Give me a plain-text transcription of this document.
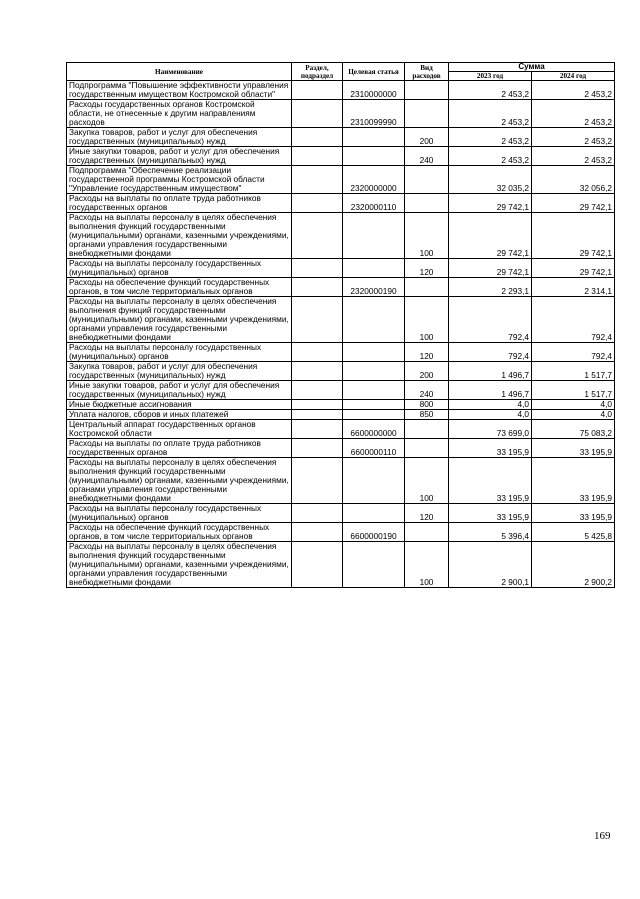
Наименование	Раздел, подраздел	Целевая статья	Вид расходов	Сумма	
				2023 год	2024 год
Подпрограмма "Повышение эффективности управления государственным имуществом Костромской области"		2310000000		2 453,2	2 453,2
Расходы государственных органов Костромской области, не отнесенные к другим направлениям расходов		2310099990		2 453,2	2 453,2
Закупка товаров, работ и услуг для обеспечения государственных (муниципальных) нужд			200	2 453,2	2 453,2
Иные закупки товаров, работ и услуг для обеспечения государственных (муниципальных) нужд			240	2 453,2	2 453,2
Подпрограмма "Обеспечение реализации государственной программы Костромской области "Управление государственным имуществом"		2320000000		32 035,2	32 056,2
Расходы на выплаты по оплате труда работников государственных органов		2320000110		29 742,1	29 742,1
Расходы на выплаты персоналу в целях обеспечения выполнения функций государственными (муниципальными) органами, казенными учреждениями, органами управления государственными внебюджетными фондами			100	29 742,1	29 742,1
Расходы на выплаты персоналу государственных (муниципальных) органов			120	29 742,1	29 742,1
Расходы на обеспечение функций государственных органов, в том числе территориальных органов		2320000190		2 293,1	2 314,1
Расходы на выплаты персоналу в целях обеспечения выполнения функций государственными (муниципальными) органами, казенными учреждениями, органами управления государственными внебюджетными фондами			100	792,4	792,4
Расходы на выплаты персоналу государственных (муниципальных) органов			120	792,4	792,4
Закупка товаров, работ и услуг для обеспечения государственных (муниципальных) нужд			200	1 496,7	1 517,7
Иные закупки товаров, работ и услуг для обеспечения государственных (муниципальных) нужд			240	1 496,7	1 517,7
Иные бюджетные ассигнования			800	4,0	4,0
Уплата налогов, сборов и иных платежей			850	4,0	4,0
Центральный аппарат государственных органов Костромской области		6600000000		73 699,0	75 083,2
Расходы на выплаты по оплате труда работников государственных органов		6600000110		33 195,9	33 195,9
Расходы на выплаты персоналу в целях обеспечения выполнения функций государственными (муниципальными) органами, казенными учреждениями, органами управления государственными внебюджетными фондами			100	33 195,9	33 195,9
Расходы на выплаты персоналу государственных (муниципальных) органов			120	33 195,9	33 195,9
Расходы на обеспечение функций государственных органов, в том числе территориальных органов		6600000190		5 396,4	5 425,8
Расходы на выплаты персоналу в целях обеспечения выполнения функций государственными (муниципальными) органами, казенными учреждениями, органами управления государственными внебюджетными фондами			100	2 900,1	2 900,2
169
